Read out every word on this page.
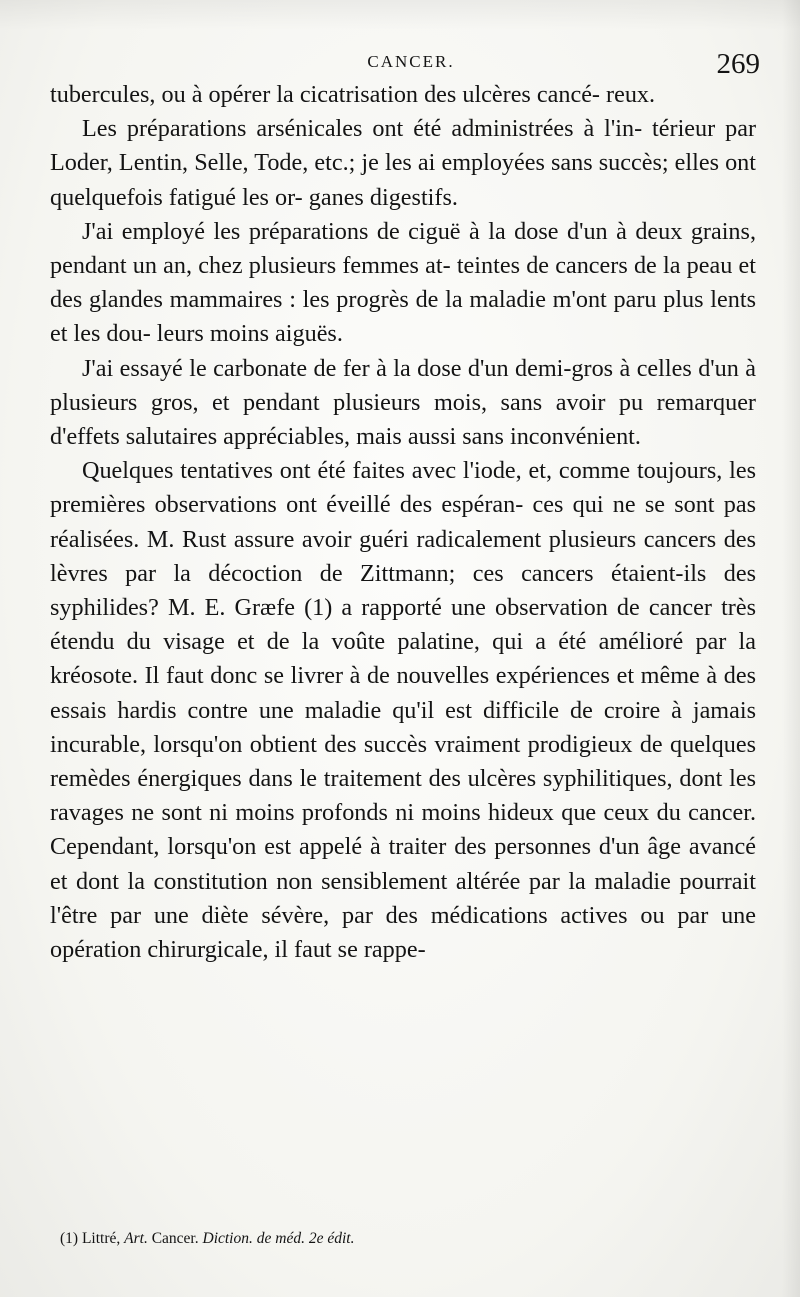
CANCER.	269

tubercules, ou à opérer la cicatrisation des ulcères cancé- reux.

Les préparations arsénicales ont été administrées à l'in- térieur par Loder, Lentin, Selle, Tode, etc.; je les ai employées sans succès; elles ont quelquefois fatigué les or- ganes digestifs.

J'ai employé les préparations de ciguë à la dose d'un à deux grains, pendant un an, chez plusieurs femmes at- teintes de cancers de la peau et des glandes mammaires : les progrès de la maladie m'ont paru plus lents et les dou- leurs moins aiguës.

J'ai essayé le carbonate de fer à la dose d'un demi-gros à celles d'un à plusieurs gros, et pendant plusieurs mois, sans avoir pu remarquer d'effets salutaires appréciables, mais aussi sans inconvénient.

Quelques tentatives ont été faites avec l'iode, et, comme toujours, les premières observations ont éveillé des espéran- ces qui ne se sont pas réalisées. M. Rust assure avoir guéri radicalement plusieurs cancers des lèvres par la décoction de Zittmann; ces cancers étaient-ils des syphilides? M. E. Græfe (1) a rapporté une observation de cancer très étendu du visage et de la voûte palatine, qui a été amélioré par la kréosote. Il faut donc se livrer à de nouvelles expériences et même à des essais hardis contre une maladie qu'il est difficile de croire à jamais incurable, lorsqu'on obtient des succès vraiment prodigieux de quelques remèdes énergiques dans le traitement des ulcères syphilitiques, dont les ravages ne sont ni moins profonds ni moins hideux que ceux du cancer. Cependant, lorsqu'on est appelé à traiter des personnes d'un âge avancé et dont la constitution non sensiblement altérée par la maladie pourrait l'être par une diète sévère, par des médications actives ou par une opération chirurgicale, il faut se rappe-

(1) Littré, Art. Cancer. Diction. de méd. 2e édit.
